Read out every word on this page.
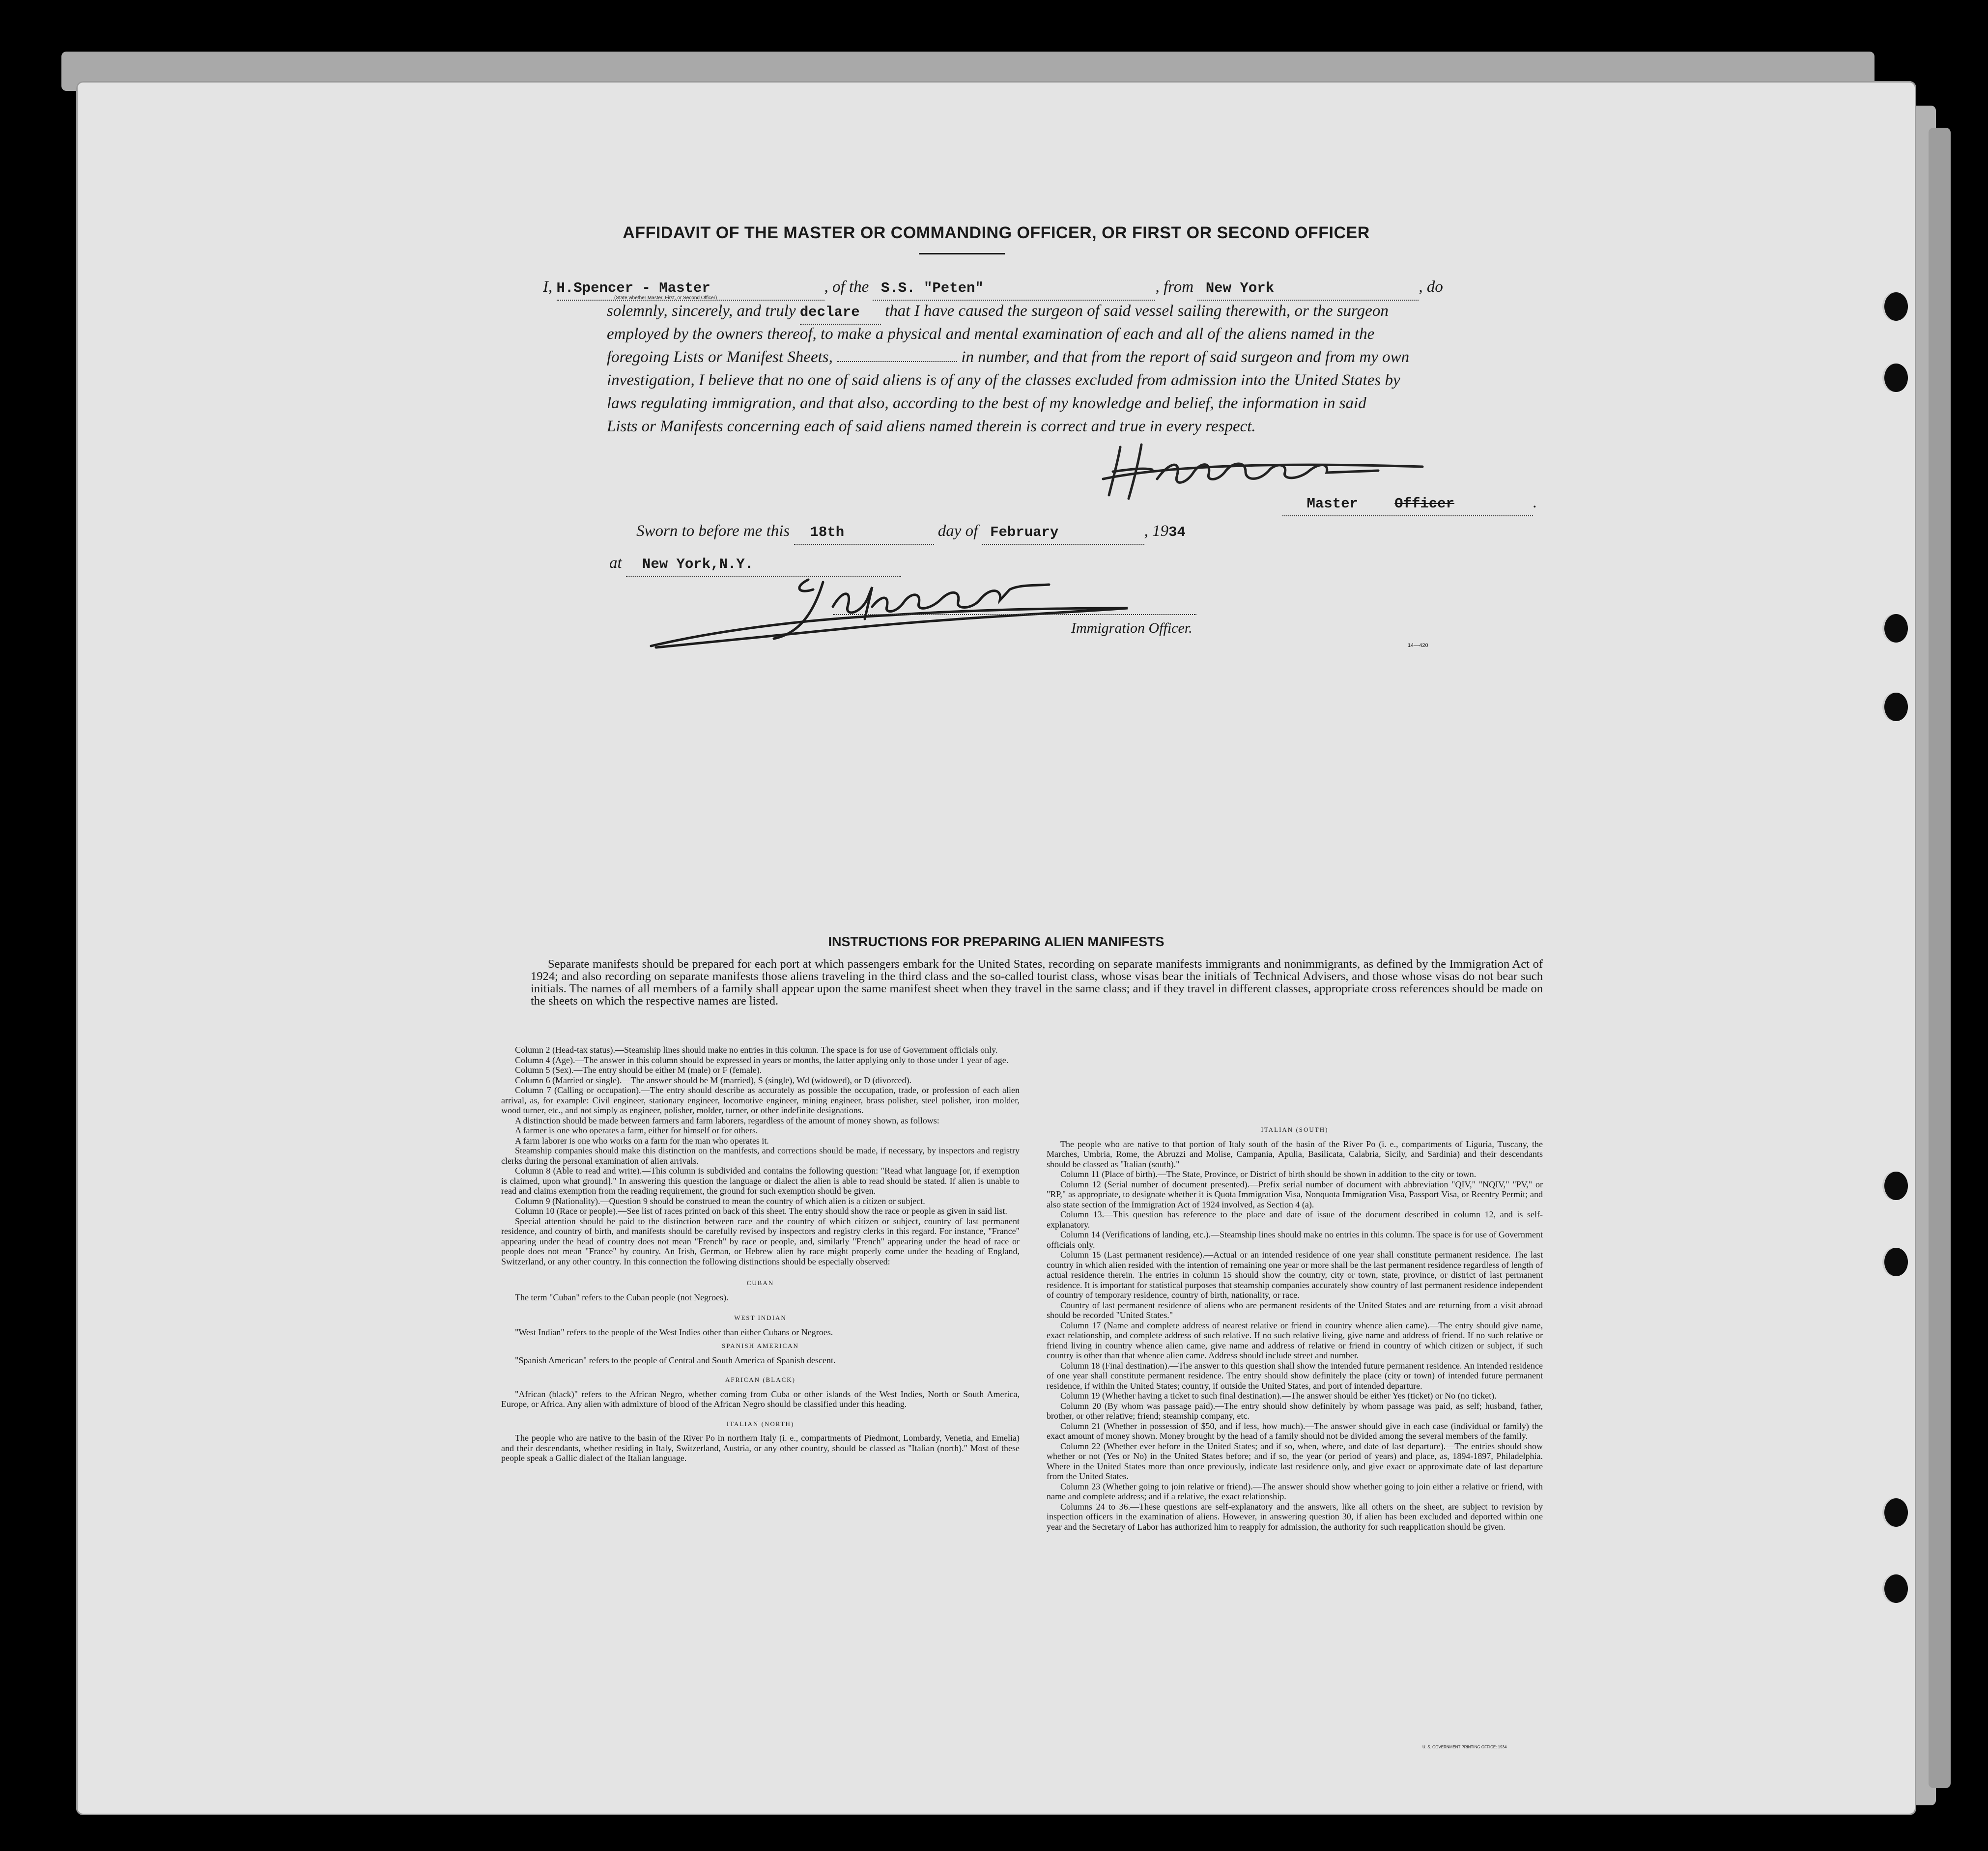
AFFIDAVIT OF THE MASTER OR COMMANDING OFFICER, OR FIRST OR SECOND OFFICER
I, H.Spencer - Master	, of the S.S. "Peten"	, from New York	, do
(State whether Master, First, or Second Officer)
solemnly, sincerely, and truly declare that I have caused the surgeon of said vessel sailing therewith, or the surgeon
employed by the owners thereof, to make a physical and mental examination of each and all of the aliens named in the
foregoing Lists or Manifest Sheets,	in number, and that from the report of said surgeon and from my own
investigation, I believe that no one of said aliens is of any of the classes excluded from admission into the United States by
laws regulating immigration, and that also, according to the best of my knowledge and belief, the information in said
Lists or Manifests concerning each of said aliens named therein is correct and true in every respect.
Master	Officer	.
Sworn to before me this 18th	day of February	, 1934
at New York,N.Y.
Immigration Officer.
14—420
INSTRUCTIONS FOR PREPARING ALIEN MANIFESTS
Separate manifests should be prepared for each port at which passengers embark for the United States, recording on separate manifests immigrants and nonimmigrants, as defined by the Immigration Act of 1924; and also recording on separate manifests those aliens traveling in the third class and the so-called tourist class, whose visas bear the initials of Technical Advisers, and those whose visas do not bear such initials. The names of all members of a family shall appear upon the same manifest sheet when they travel in the same class; and if they travel in different classes, appropriate cross references should be made on the sheets on which the respective names are listed.

Column 2 (Head-tax status).—Steamship lines should make no entries in this column. The space is for use of Government officials only.

Column 4 (Age).—The answer in this column should be expressed in years or months, the latter applying only to those under 1 year of age.

Column 5 (Sex).—The entry should be either M (male) or F (female).

Column 6 (Married or single).—The answer should be M (married), S (single), Wd (widowed), or D (divorced).

Column 7 (Calling or occupation).—The entry should describe as accurately as possible the occupation, trade, or profession of each alien arrival, as, for example: Civil engineer, stationary engineer, locomotive engineer, mining engineer, brass polisher, steel polisher, iron molder, wood turner, etc., and not simply as engineer, polisher, molder, turner, or other indefinite designations.

A distinction should be made between farmers and farm laborers, regardless of the amount of money shown, as follows:

A farmer is one who operates a farm, either for himself or for others.

A farm laborer is one who works on a farm for the man who operates it.

Steamship companies should make this distinction on the manifests, and corrections should be made, if necessary, by inspectors and registry clerks during the personal examination of alien arrivals.

Column 8 (Able to read and write).—This column is subdivided and contains the following question: "Read what language [or, if exemption is claimed, upon what ground]." In answering this question the language or dialect the alien is able to read should be stated. If alien is unable to read and claims exemption from the reading requirement, the ground for such exemption should be given.

Column 9 (Nationality).—Question 9 should be construed to mean the country of which alien is a citizen or subject.

Column 10 (Race or people).—See list of races printed on back of this sheet. The entry should show the race or people as given in said list.

Special attention should be paid to the distinction between race and the country of which citizen or subject, country of last permanent residence, and country of birth, and manifests should be carefully revised by inspectors and registry clerks in this regard. For instance, "France" appearing under the head of country does not mean "French" by race or people, and, similarly "French" appearing under the head of race or people does not mean "France" by country. An Irish, German, or Hebrew alien by race might properly come under the heading of England, Switzerland, or any other country. In this connection the following distinctions should be especially observed:

CUBAN

The term "Cuban" refers to the Cuban people (not Negroes).

WEST INDIAN

"West Indian" refers to the people of the West Indies other than either Cubans or Negroes.

SPANISH AMERICAN

"Spanish American" refers to the people of Central and South America of Spanish descent.

AFRICAN (BLACK)

"African (black)" refers to the African Negro, whether coming from Cuba or other islands of the West Indies, North or South America, Europe, or Africa. Any alien with admixture of blood of the African Negro should be classified under this heading.

ITALIAN (NORTH)

The people who are native to the basin of the River Po in northern Italy (i. e., compartments of Piedmont, Lombardy, Venetia, and Emelia) and their descendants, whether residing in Italy, Switzerland, Austria, or any other country, should be classed as "Italian (north)." Most of these people speak a Gallic dialect of the Italian language.

ITALIAN (SOUTH)

The people who are native to that portion of Italy south of the basin of the River Po (i. e., compartments of Liguria, Tuscany, the Marches, Umbria, Rome, the Abruzzi and Molise, Campania, Apulia, Basilicata, Calabria, Sicily, and Sardinia) and their descendants should be classed as "Italian (south)."

Column 11 (Place of birth).—The State, Province, or District of birth should be shown in addition to the city or town.

Column 12 (Serial number of document presented).—Prefix serial number of document with abbreviation "QIV," "NQIV," "PV," or "RP," as appropriate, to designate whether it is Quota Immigration Visa, Nonquota Immigration Visa, Passport Visa, or Reentry Permit; and also state section of the Immigration Act of 1924 involved, as Section 4 (a).

Column 13.—This question has reference to the place and date of issue of the document described in column 12, and is self-explanatory.

Column 14 (Verifications of landing, etc.).—Steamship lines should make no entries in this column. The space is for use of Government officials only.

Column 15 (Last permanent residence).—Actual or an intended residence of one year shall constitute permanent residence. The last country in which alien resided with the intention of remaining one year or more shall be the last permanent residence regardless of length of actual residence therein. The entries in column 15 should show the country, city or town, state, province, or district of last permanent residence. It is important for statistical purposes that steamship companies accurately show country of last permanent residence independent of country of temporary residence, country of birth, nationality, or race.

Country of last permanent residence of aliens who are permanent residents of the United States and are returning from a visit abroad should be recorded "United States."

Column 17 (Name and complete address of nearest relative or friend in country whence alien came).—The entry should give name, exact relationship, and complete address of such relative. If no such relative living, give name and address of friend. If no such relative or friend living in country whence alien came, give name and address of relative or friend in country of which citizen or subject, if such country is other than that whence alien came. Address should include street and number.

Column 18 (Final destination).—The answer to this question shall show the intended future permanent residence. An intended residence of one year shall constitute permanent residence. The entry should show definitely the place (city or town) of intended future permanent residence, if within the United States; country, if outside the United States, and port of intended departure.

Column 19 (Whether having a ticket to such final destination).—The answer should be either Yes (ticket) or No (no ticket).

Column 20 (By whom was passage paid).—The entry should show definitely by whom passage was paid, as self; husband, father, brother, or other relative; friend; steamship company, etc.

Column 21 (Whether in possession of $50, and if less, how much).—The answer should give in each case (individual or family) the exact amount of money shown. Money brought by the head of a family should not be divided among the several members of the family.

Column 22 (Whether ever before in the United States; and if so, when, where, and date of last departure).—The entries should show whether or not (Yes or No) in the United States before; and if so, the year (or period of years) and place, as, 1894-1897, Philadelphia. Where in the United States more than once previously, indicate last residence only, and give exact or approximate date of last departure from the United States.

Column 23 (Whether going to join relative or friend).—The answer should show whether going to join either a relative or friend, with name and complete address; and if a relative, the exact relationship.

Columns 24 to 36.—These questions are self-explanatory and the answers, like all others on the sheet, are subject to revision by inspection officers in the examination of aliens. However, in answering question 30, if alien has been excluded and deported within one year and the Secretary of Labor has authorized him to reapply for admission, the authority for such reapplication should be given.

U. S. GOVERNMENT PRINTING OFFICE: 1934
